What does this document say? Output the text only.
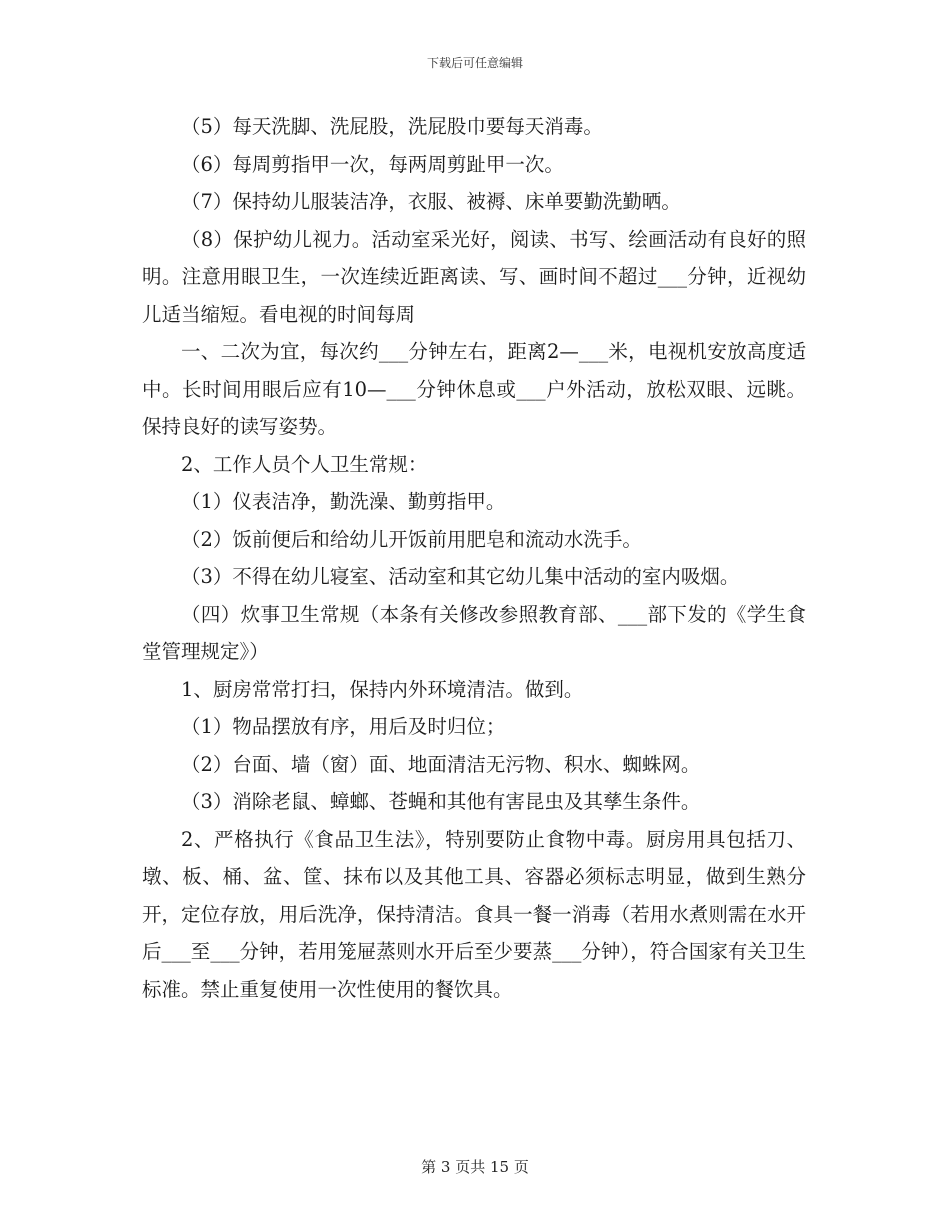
下载后可任意编辑

（5）每天洗脚、洗屁股，洗屁股巾要每天消毒。

（6）每周剪指甲一次，每两周剪趾甲一次。

（7）保持幼儿服装洁净，衣服、被褥、床单要勤洗勤晒。

（8）保护幼儿视力。活动室采光好，阅读、书写、绘画活动有良好的照明。注意用眼卫生，一次连续近距离读、写、画时间不超过___分钟，近视幼儿适当缩短。看电视的时间每周

一、二次为宜，每次约___分钟左右，距离2—___米，电视机安放高度适中。长时间用眼后应有10—___分钟休息或___户外活动，放松双眼、远眺。保持良好的读写姿势。

2、工作人员个人卫生常规：

（1）仪表洁净，勤洗澡、勤剪指甲。

（2）饭前便后和给幼儿开饭前用肥皂和流动水洗手。

（3）不得在幼儿寝室、活动室和其它幼儿集中活动的室内吸烟。

（四）炊事卫生常规（本条有关修改参照教育部、___部下发的《学生食堂管理规定》）

1、厨房常常打扫，保持内外环境清洁。做到。

（1）物品摆放有序，用后及时归位；

（2）台面、墙（窗）面、地面清洁无污物、积水、蜘蛛网。

（3）消除老鼠、蟑螂、苍蝇和其他有害昆虫及其孳生条件。

2、严格执行《食品卫生法》，特别要防止食物中毒。厨房用具包括刀、墩、板、桶、盆、筐、抹布以及其他工具、容器必须标志明显，做到生熟分开，定位存放，用后洗净，保持清洁。食具一餐一消毒（若用水煮则需在水开后___至___分钟，若用笼屉蒸则水开后至少要蒸___分钟），符合国家有关卫生标准。禁止重复使用一次性使用的餐饮具。

第 3 页共 15 页
